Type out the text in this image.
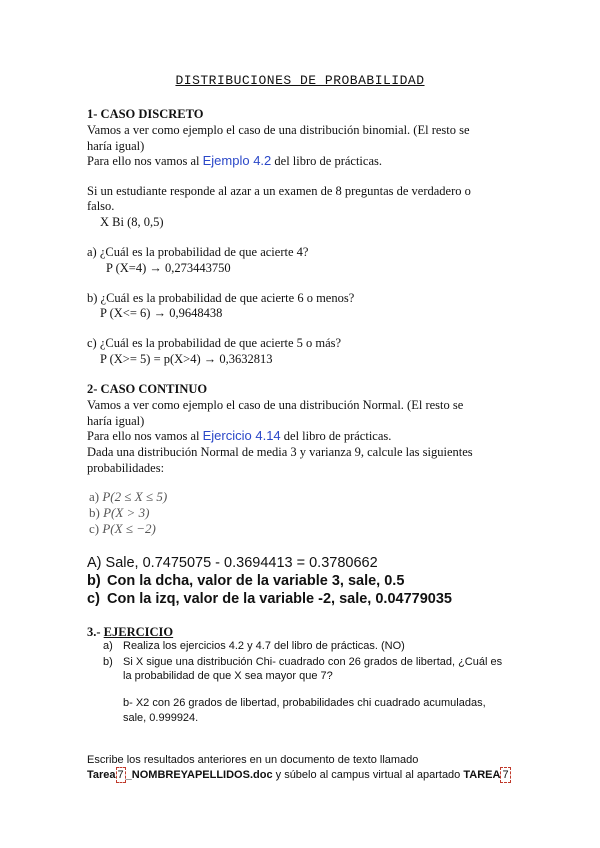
DISTRIBUCIONES DE PROBABILIDAD
1- CASO DISCRETO
Vamos a ver como ejemplo el caso de una distribución binomial. (El resto se
haría igual)
Para ello nos vamos al Ejemplo 4.2 del libro de prácticas.
Si un estudiante responde al azar a un examen de 8 preguntas de verdadero o
falso.
X Bi (8, 0,5)
a) ¿Cuál es la probabilidad de que acierte 4?
P (X=4) → 0,273443750
b) ¿Cuál es la probabilidad de que acierte 6 o menos?
P (X<= 6) → 0,9648438
c) ¿Cuál es la probabilidad de que acierte 5 o más?
P (X>= 5) = p(X>4) → 0,3632813
2- CASO CONTINUO
Vamos a ver como ejemplo el caso de una distribución Normal. (El resto se
haría igual)
Para ello nos vamos al Ejercicio 4.14 del libro de prácticas.
Dada una distribución Normal de media 3 y varianza 9, calcule las siguientes
probabilidades:
a) P(2 ≤ X ≤ 5)
b) P(X > 3)
c) P(X ≤ −2)
A) Sale, 0.7475075 - 0.3694413 = 0.3780662
b) Con la dcha, valor de la variable 3, sale, 0.5
c) Con la izq, valor de la variable -2, sale, 0.04779035
3.- EJERCICIO
a) Realiza los ejercicios 4.2 y 4.7 del libro de prácticas. (NO)
b) Si X sigue una distribución Chi- cuadrado con 26 grados de libertad, ¿Cuál es
la probabilidad de que X sea mayor que 7?
b- X2 con 26 grados de libertad, probabilidades chi cuadrado acumuladas,
sale, 0.999924.
Escribe los resultados anteriores en un documento de texto llamado
Tarea 7 _NOMBREYAPELLIDOS.doc y súbelo al campus virtual al apartado TAREA 7
